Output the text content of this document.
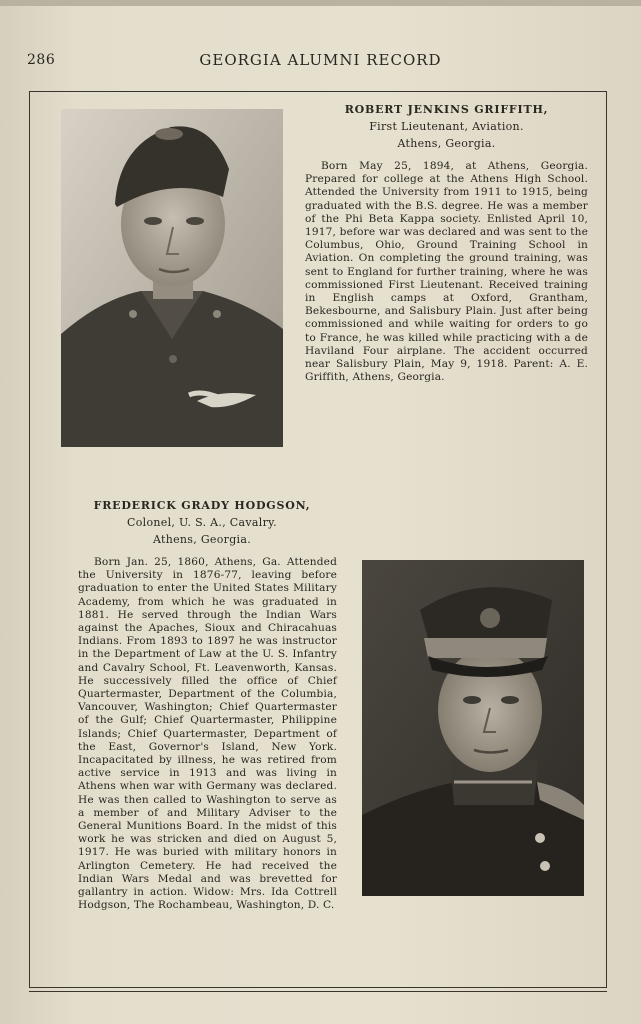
286	GEORGIA ALUMNI RECORD
ROBERT JENKINS GRIFFITH,
First Lieutenant, Aviation.
Athens, Georgia.
Born May 25, 1894, at Athens, Georgia. Prepared for college at the Athens High School. Attended the University from 1911 to 1915, being graduated with the B.S. degree. He was a member of the Phi Beta Kappa society. Enlisted April 10, 1917, before war was declared and was sent to the Columbus, Ohio, Ground Training School in Aviation. On completing the ground training, was sent to England for further training, where he was commissioned First Lieutenant. Received training in English camps at Oxford, Grantham, Bekesbourne, and Salisbury Plain. Just after being commissioned and while waiting for orders to go to France, he was killed while practicing with a de Haviland Four airplane. The accident occurred near Salisbury Plain, May 9, 1918. Parent: A. E. Griffith, Athens, Georgia.
FREDERICK GRADY HODGSON,
Colonel, U. S. A., Cavalry.
Athens, Georgia.
Born Jan. 25, 1860, Athens, Ga. Attended the University in 1876-77, leaving before graduation to enter the United States Military Academy, from which he was graduated in 1881. He served through the Indian Wars against the Apaches, Sioux and Chiracahuas Indians. From 1893 to 1897 he was instructor in the Department of Law at the U. S. Infantry and Cavalry School, Ft. Leavenworth, Kansas. He successively filled the office of Chief Quartermaster, Department of the Columbia, Vancouver, Washington; Chief Quartermaster of the Gulf; Chief Quartermaster, Philippine Islands; Chief Quartermaster, Department of the East, Governor's Island, New York. Incapacitated by illness, he was retired from active service in 1913 and was living in Athens when war with Germany was declared. He was then called to Washington to serve as a member of and Military Adviser to the General Munitions Board. In the midst of this work he was stricken and died on August 5, 1917. He was buried with military honors in Arlington Cemetery. He had received the Indian Wars Medal and was brevetted for gallantry in action. Widow: Mrs. Ida Cottrell Hodgson, The Rochambeau, Washington, D. C.
